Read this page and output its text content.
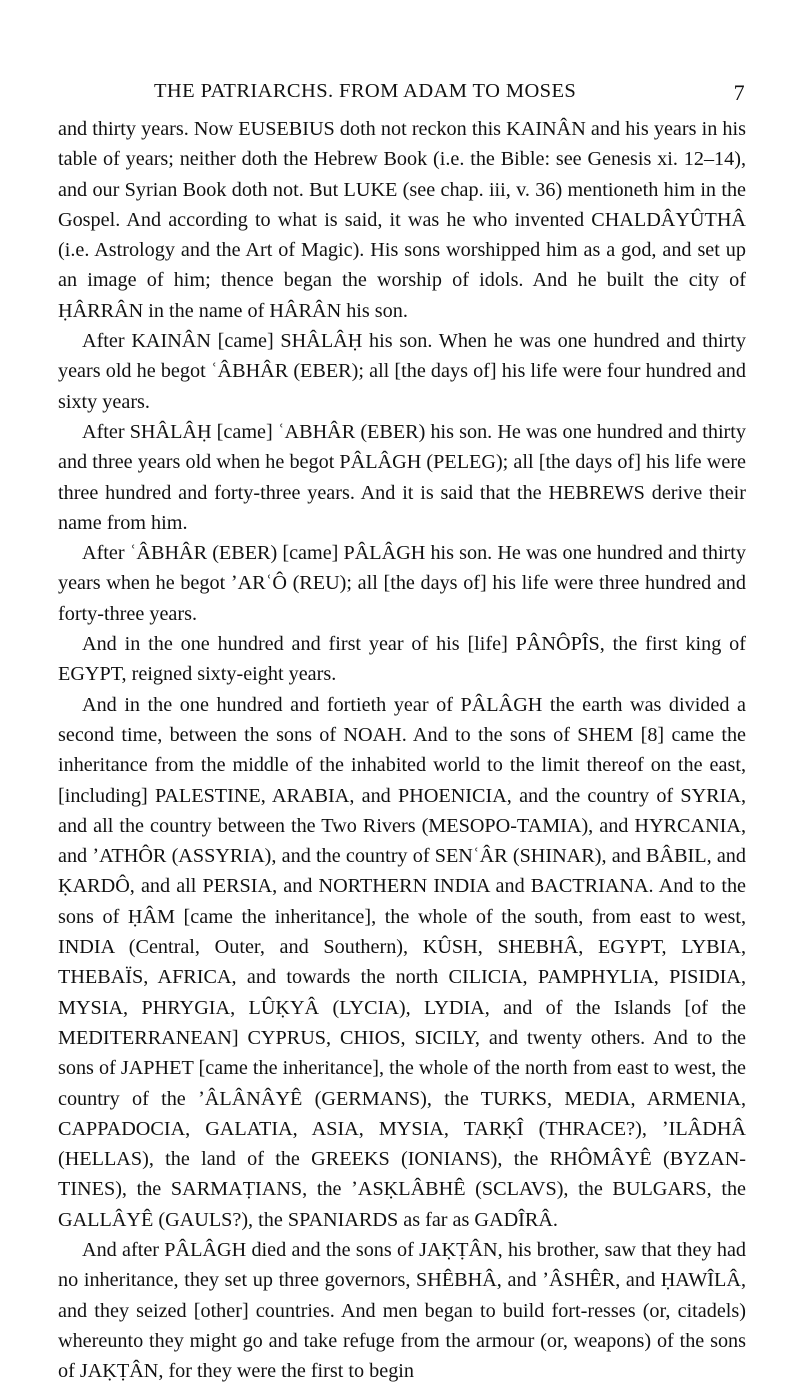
THE PATRIARCHS. FROM ADAM TO MOSES	7

and thirty years. Now EUSEBIUS doth not reckon this KAINÂN and his years in his table of years; neither doth the Hebrew Book (i.e. the Bible: see Genesis xi. 12–14), and our Syrian Book doth not. But LUKE (see chap. iii, v. 36) mentioneth him in the Gospel. And according to what is said, it was he who invented CHALDÂYÛTHÂ (i.e. Astrology and the Art of Magic). His sons worshipped him as a god, and set up an image of him; thence began the worship of idols. And he built the city of ḤÂRRÂN in the name of HÂRÂN his son.

After KAINÂN [came] SHÂLÂḤ his son. When he was one hundred and thirty years old he begot ʿÂBHÂR (EBER); all [the days of] his life were four hundred and sixty years.

After SHÂLÂḤ [came] ʿABHÂR (EBER) his son. He was one hundred and thirty and three years old when he begot PÂLÂGH (PELEG); all [the days of] his life were three hundred and forty-three years. And it is said that the HEBREWS derive their name from him.

After ʿÂBHÂR (EBER) [came] PÂLÂGH his son. He was one hundred and thirty years when he begot ʼARʿÔ (REU); all [the days of] his life were three hundred and forty-three years.

And in the one hundred and first year of his [life] PÂNÔPÎS, the first king of EGYPT, reigned sixty-eight years.

And in the one hundred and fortieth year of PÂLÂGH the earth was divided a second time, between the sons of NOAH. And to the sons of SHEM [8] came the inheritance from the middle of the inhabited world to the limit thereof on the east, [including] PALESTINE, ARABIA, and PHOENICIA, and the country of SYRIA, and all the country between the Two Rivers (MESOPO-TAMIA), and HYRCANIA, and ʼATHÔR (ASSYRIA), and the country of SENʿÂR (SHINAR), and BÂBIL, and ḲARDÔ, and all PERSIA, and NORTHERN INDIA and BACTRIANA. And to the sons of ḤÂM [came the inheritance], the whole of the south, from east to west, INDIA (Central, Outer, and Southern), KÛSH, SHEBHÂ, EGYPT, LYBIA, THEBAÏS, AFRICA, and towards the north CILICIA, PAMPHYLIA, PISIDIA, MYSIA, PHRYGIA, LÛḲYÂ (LYCIA), LYDIA, and of the Islands [of the MEDITERRANEAN] CYPRUS, CHIOS, SICILY, and twenty others. And to the sons of JAPHET [came the inheritance], the whole of the north from east to west, the country of the ʼÂLÂNÂYÊ (GERMANS), the TURKS, MEDIA, ARMENIA, CAPPADOCIA, GALATIA, ASIA, MYSIA, TARḲÎ (THRACE?), ʼILÂDHÂ (HELLAS), the land of the GREEKS (IONIANS), the RHÔMÂYÊ (BYZAN-TINES), the SARMAṬIANS, the ʼASḲLÂBHÊ (SCLAVS), the BULGARS, the GALLÂYÊ (GAULS?), the SPANIARDS as far as GADÎRÂ.

And after PÂLÂGH died and the sons of JAḲṬÂN, his brother, saw that they had no inheritance, they set up three governors, SHÊBHÂ, and ʼÂSHÊR, and ḤAWÎLÂ, and they seized [other] countries. And men began to build fort-resses (or, citadels) whereunto they might go and take refuge from the armour (or, weapons) of the sons of JAḲṬÂN, for they were the first to begin
